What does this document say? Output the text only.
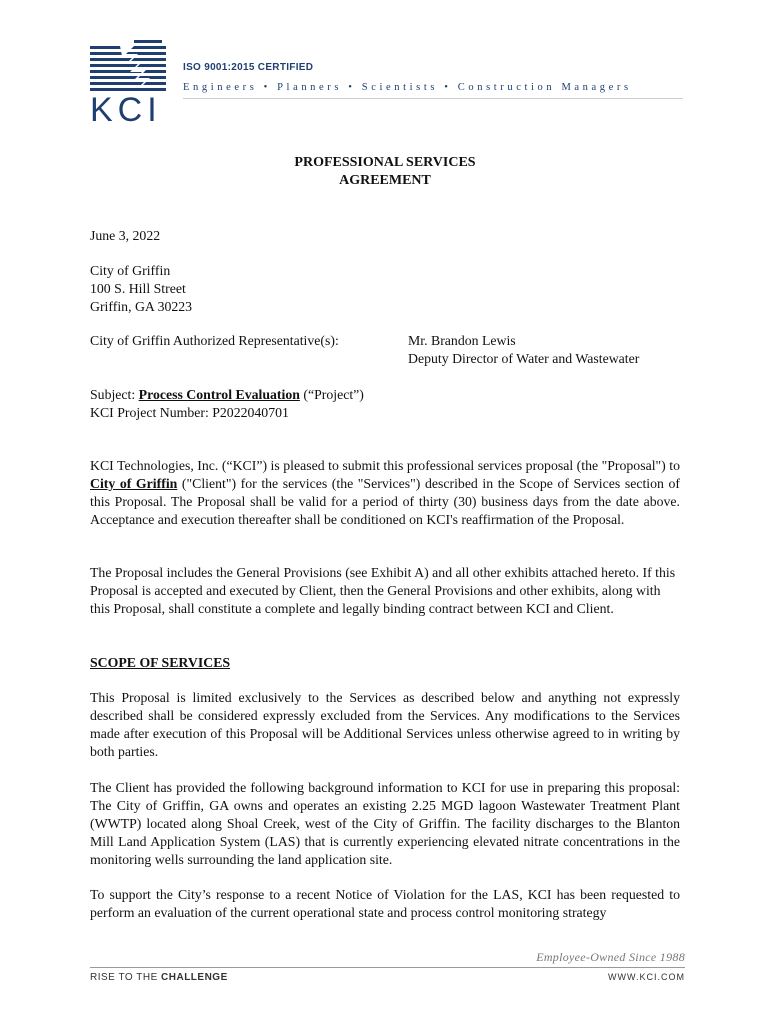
KCI
ISO 9001:2015 CERTIFIED
Engineers • Planners • Scientists • Construction Managers
PROFESSIONAL SERVICES
AGREEMENT
June 3, 2022
City of Griffin
100 S. Hill Street
Griffin, GA 30223
City of Griffin Authorized Representative(s):	Mr. Brandon Lewis
Deputy Director of Water and Wastewater
Subject: Process Control Evaluation (“Project”)
KCI Project Number: P2022040701
KCI Technologies, Inc. (“KCI”) is pleased to submit this professional services proposal (the "Proposal") to City of Griffin ("Client") for the services (the "Services") described in the Scope of Services section of this Proposal. The Proposal shall be valid for a period of thirty (30) business days from the date above. Acceptance and execution thereafter shall be conditioned on KCI's reaffirmation of the Proposal.
The Proposal includes the General Provisions (see Exhibit A) and all other exhibits attached hereto. If this Proposal is accepted and executed by Client, then the General Provisions and other exhibits, along with this Proposal, shall constitute a complete and legally binding contract between KCI and Client.
SCOPE OF SERVICES
This Proposal is limited exclusively to the Services as described below and anything not expressly described shall be considered expressly excluded from the Services. Any modifications to the Services made after execution of this Proposal will be Additional Services unless otherwise agreed to in writing by both parties.
The Client has provided the following background information to KCI for use in preparing this proposal: The City of Griffin, GA owns and operates an existing 2.25 MGD lagoon Wastewater Treatment Plant (WWTP) located along Shoal Creek, west of the City of Griffin. The facility discharges to the Blanton Mill Land Application System (LAS) that is currently experiencing elevated nitrate concentrations in the monitoring wells surrounding the land application site.
To support the City’s response to a recent Notice of Violation for the LAS, KCI has been requested to perform an evaluation of the current operational state and process control monitoring strategy
Employee-Owned Since 1988
RISE TO THE CHALLENGE	WWW.KCI.COM
